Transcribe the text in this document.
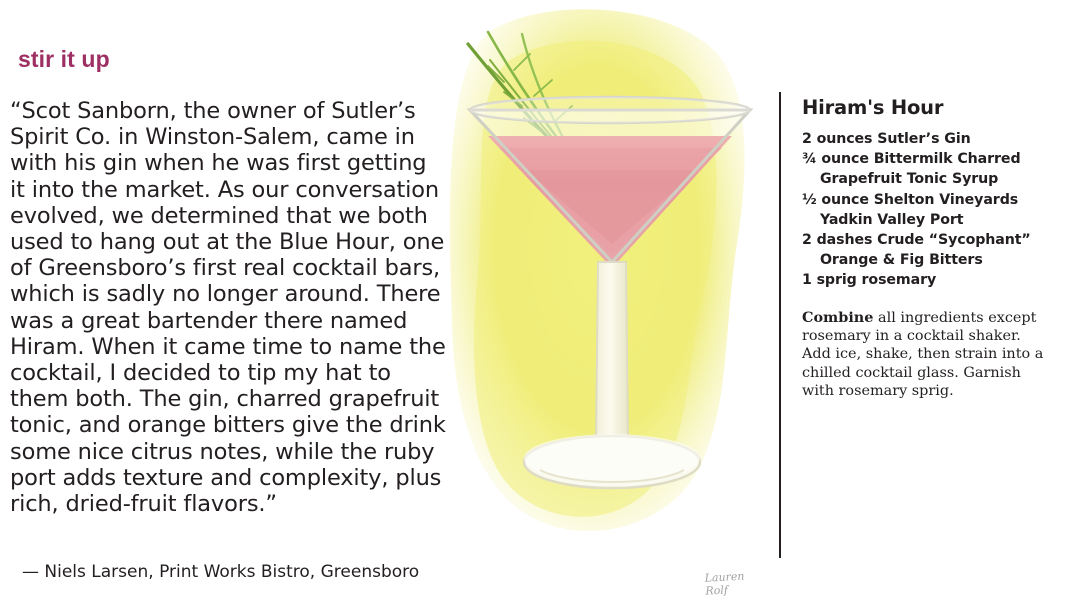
stir it up
“Scot Sanborn, the owner of Sutler’s Spirit Co. in Winston-Salem, came in with his gin when he was first getting it into the market. As our conversation evolved, we determined that we both used to hang out at the Blue Hour, one of Greensboro’s first real cocktail bars, which is sadly no longer around. There was a great bartender there named Hiram. When it came time to name the cocktail, I decided to tip my hat to them both. The gin, charred grapefruit tonic, and orange bitters give the drink some nice citrus notes, while the ruby port adds texture and complexity, plus rich, dried-fruit flavors.”
— Niels Larsen, Print Works Bistro, Greensboro	Lauren Rolf
Hiram's Hour
2 ounces Sutler’s Gin
¾ ounce Bittermilk Charred
Grapefruit Tonic Syrup
½ ounce Shelton Vineyards
Yadkin Valley Port
2 dashes Crude “Sycophant”
Orange & Fig Bitters
1 sprig rosemary
Combine all ingredients except rosemary in a cocktail shaker. Add ice, shake, then strain into a chilled cocktail glass. Garnish with rosemary sprig.
